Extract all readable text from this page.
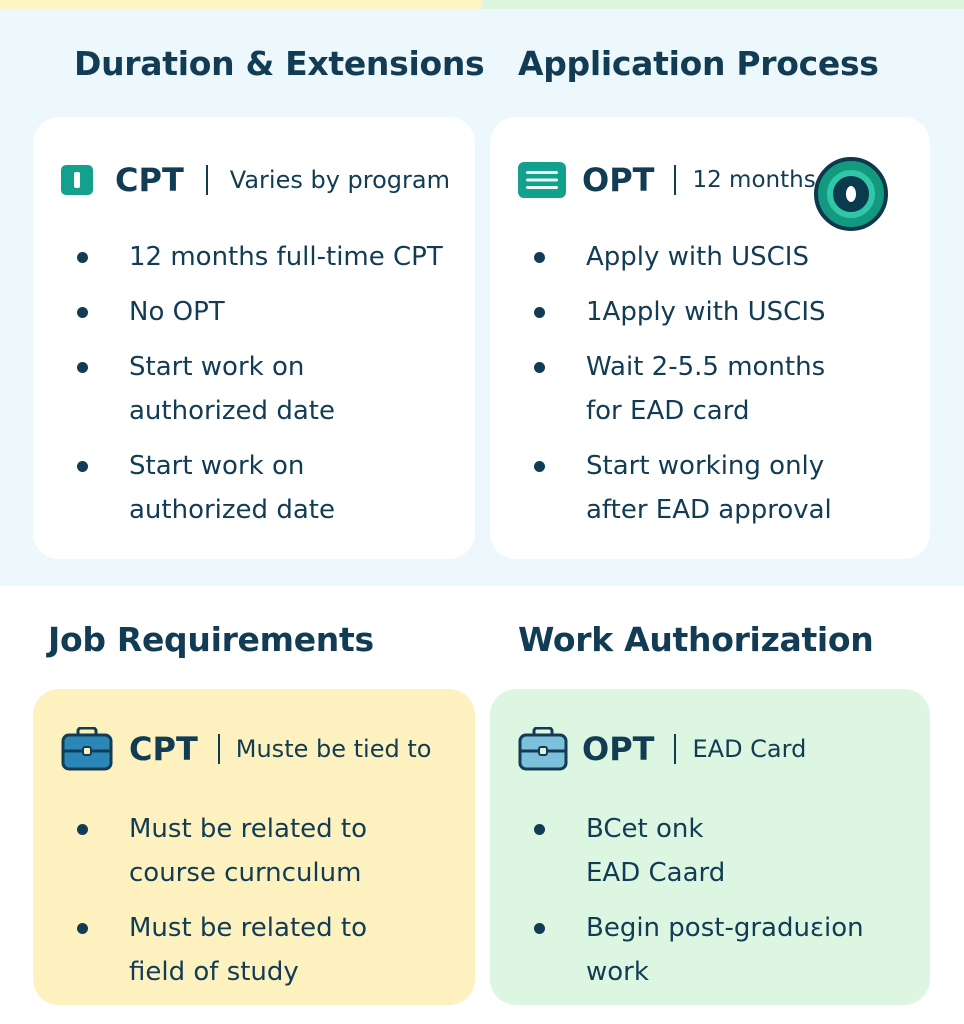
Duration & Extensions
CPT Varies by program
12 months full-time CPT
No OPT
Start work on
authorized date
Start work on
authorized date
Application Process
OPT 12 months
Apply with USCIS
1Apply with USCIS
Wait 2-5.5 months
for EAD card
Start working only
after EAD approval
Job Requirements
CPT Muste be tied to
Must be related to
course curnculum
Must be related to
field of study
Work Authorization
OPT EAD Card
BCet onk
EAD Caard
Begin post-graduɛion
work
